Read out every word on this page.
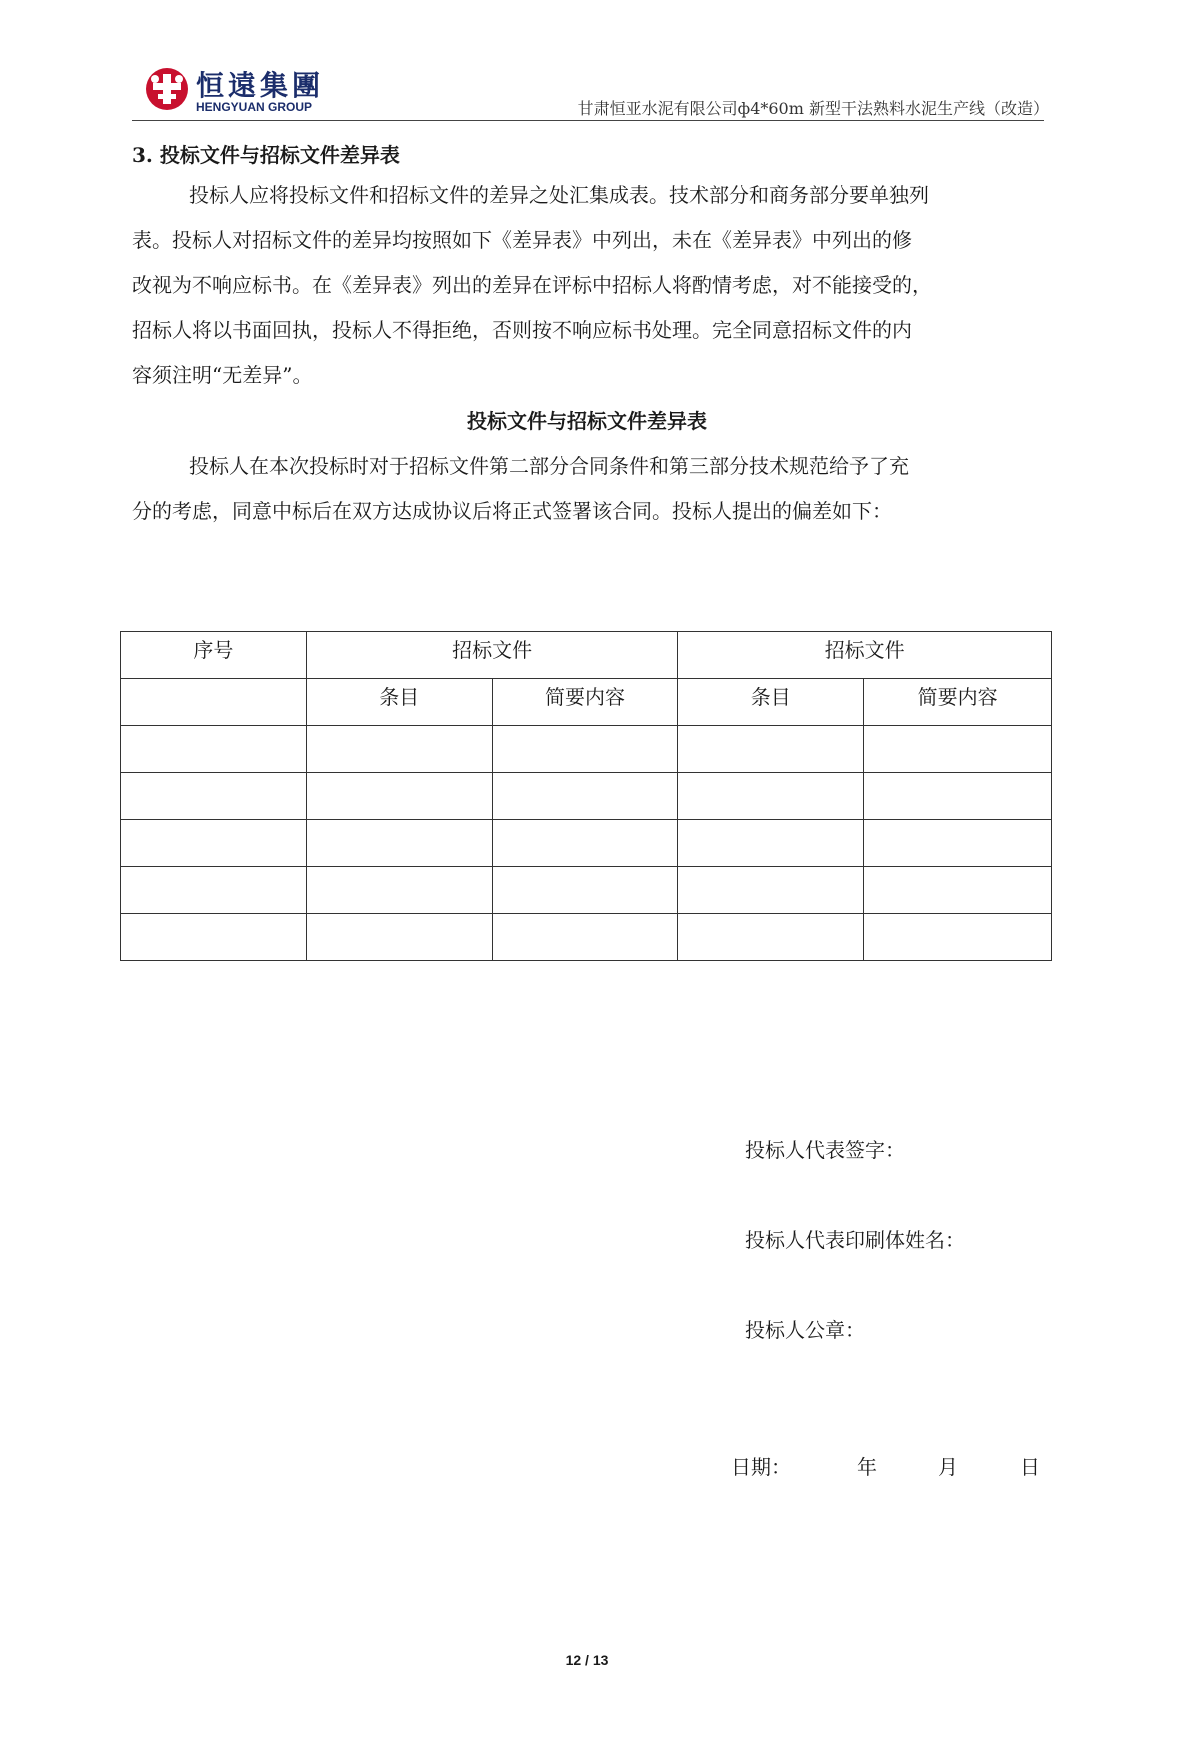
恒遠集團
HENGYUAN GROUP	甘肃恒亚水泥有限公司ф4*60m 新型干法熟料水泥生产线（改造）
3. 投标文件与招标文件差异表

投标人应将投标文件和招标文件的差异之处汇集成表。技术部分和商务部分要单独列

表。投标人对招标文件的差异均按照如下《差异表》中列出，未在《差异表》中列出的修

改视为不响应标书。在《差异表》列出的差异在评标中招标人将酌情考虑，对不能接受的，

招标人将以书面回执，投标人不得拒绝，否则按不响应标书处理。完全同意招标文件的内

容须注明“无差异”。

投标文件与招标文件差异表

投标人在本次投标时对于招标文件第二部分合同条件和第三部分技术规范给予了充

分的考虑，同意中标后在双方达成协议后将正式签署该合同。投标人提出的偏差如下：

序号	招标文件		招标文件	
	条目	简要内容	条目	简要内容

投标人代表签字：
投标人代表印刷体姓名：
投标人公章：
日期：	年	月	日
12 / 13
